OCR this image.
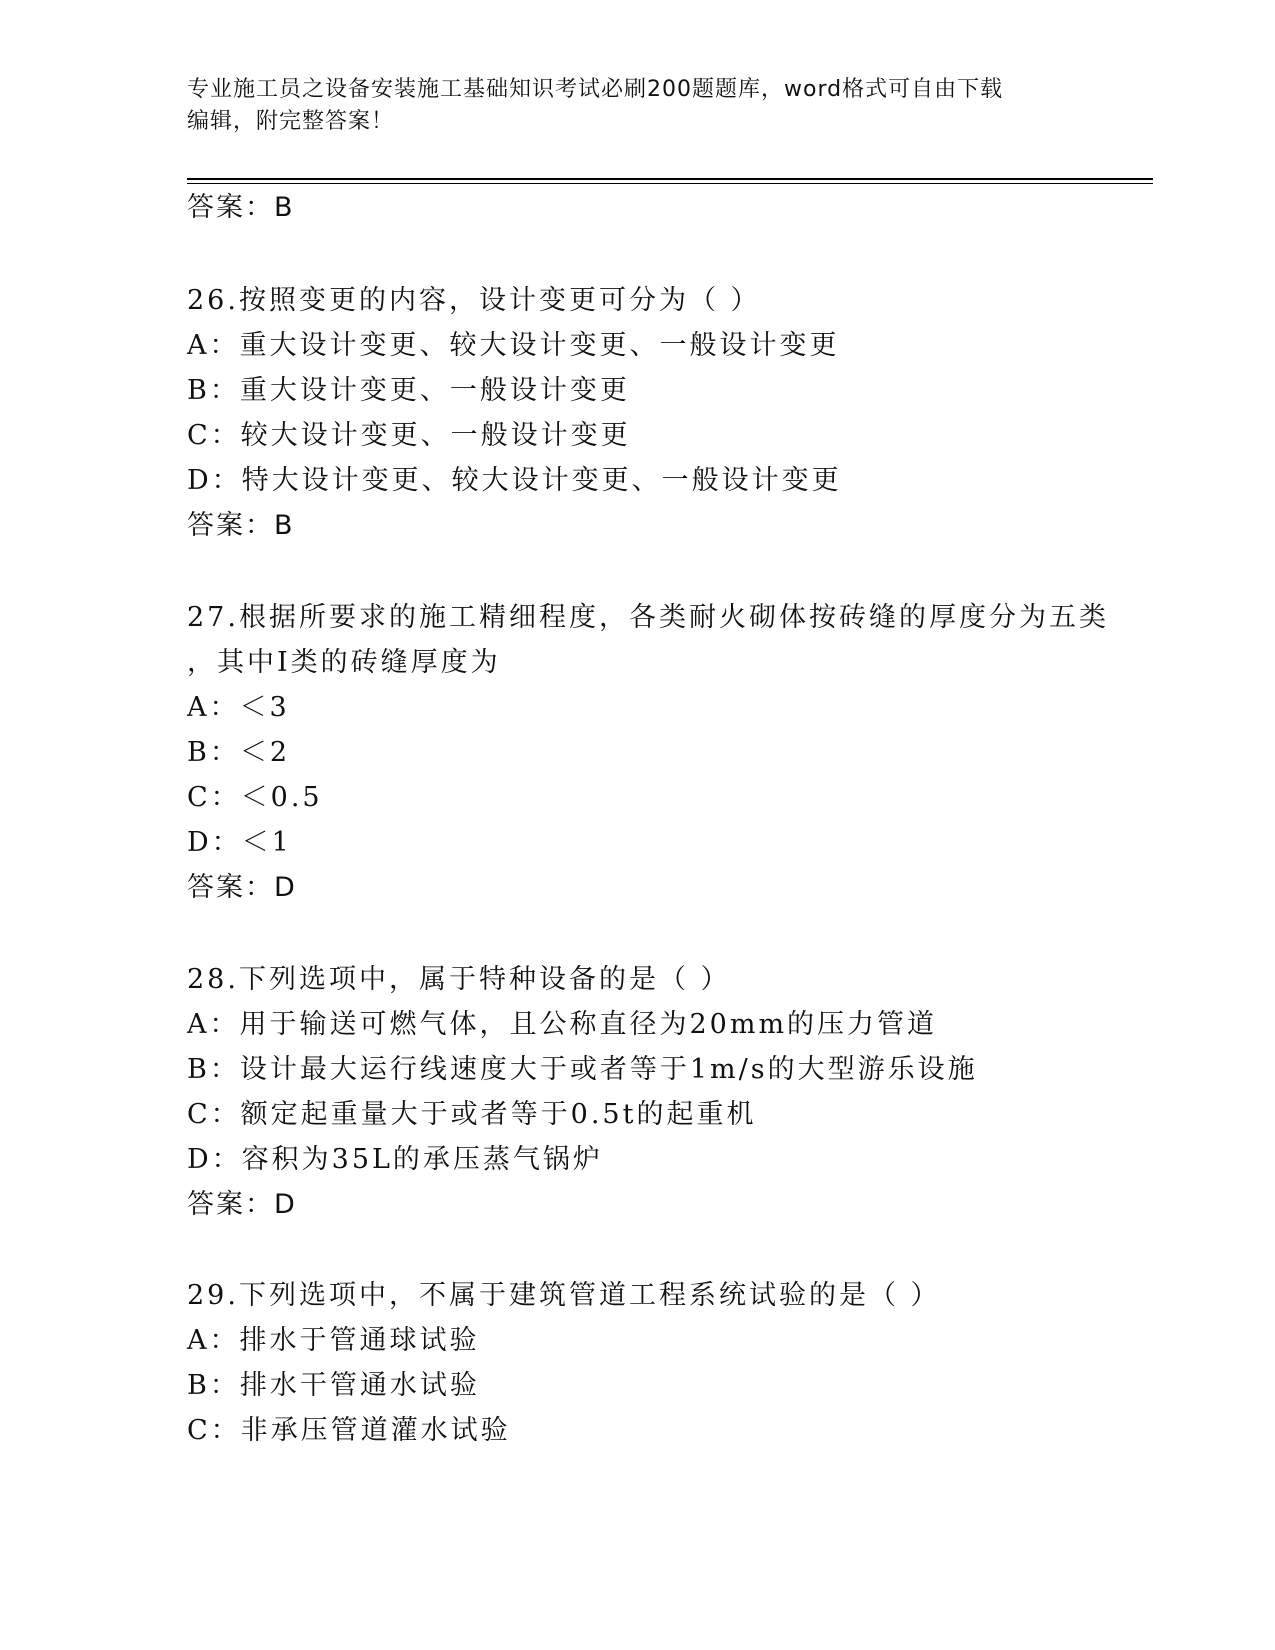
专业施工员之设备安装施工基础知识考试必刷200题题库，word格式可自由下载
编辑，附完整答案！
答案：B
26.按照变更的内容，设计变更可分为（ ）
A：重大设计变更、较大设计变更、一般设计变更
B：重大设计变更、一般设计变更
C：较大设计变更、一般设计变更
D：特大设计变更、较大设计变更、一般设计变更
答案：B
27.根据所要求的施工精细程度，各类耐火砌体按砖缝的厚度分为五类
，其中I类的砖缝厚度为
A：＜3
B：＜2
C：＜0.5
D：＜1
答案：D
28.下列选项中，属于特种设备的是（ ）
A：用于输送可燃气体，且公称直径为20mm的压力管道
B：设计最大运行线速度大于或者等于1m/s的大型游乐设施
C：额定起重量大于或者等于0.5t的起重机
D：容积为35L的承压蒸气锅炉
答案：D
29.下列选项中，不属于建筑管道工程系统试验的是（ ）
A：排水于管通球试验
B：排水干管通水试验
C：非承压管道灌水试验
